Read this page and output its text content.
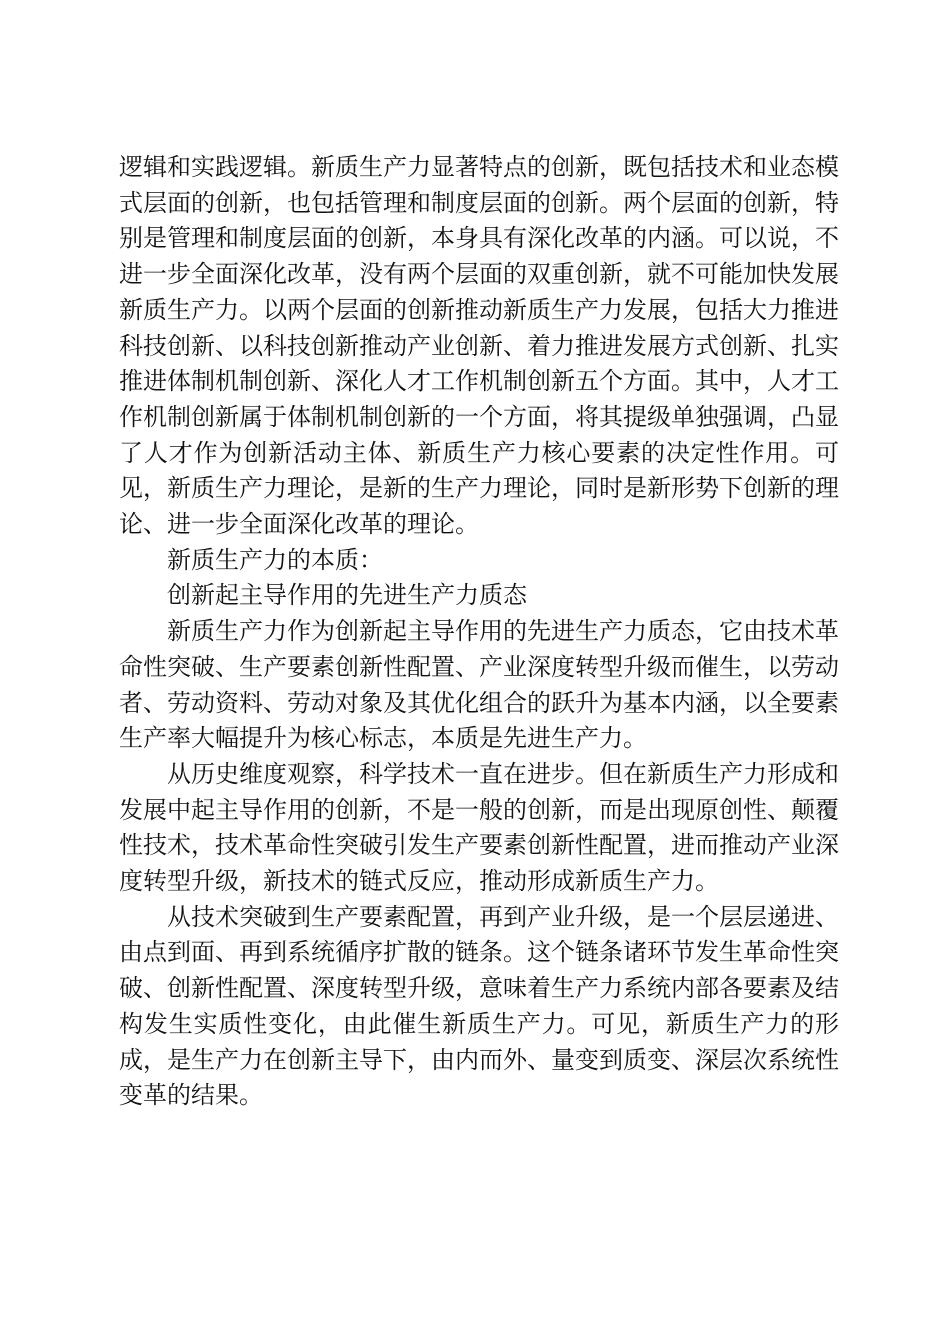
逻辑和实践逻辑。新质生产力显著特点的创新，既包括技术和业态模式层面的创新，也包括管理和制度层面的创新。两个层面的创新，特别是管理和制度层面的创新，本身具有深化改革的内涵。可以说，不进一步全面深化改革，没有两个层面的双重创新，就不可能加快发展新质生产力。以两个层面的创新推动新质生产力发展，包括大力推进科技创新、以科技创新推动产业创新、着力推进发展方式创新、扎实推进体制机制创新、深化人才工作机制创新五个方面。其中，人才工作机制创新属于体制机制创新的一个方面，将其提级单独强调，凸显了人才作为创新活动主体、新质生产力核心要素的决定性作用。可见，新质生产力理论，是新的生产力理论，同时是新形势下创新的理论、进一步全面深化改革的理论。

新质生产力的本质：

创新起主导作用的先进生产力质态

新质生产力作为创新起主导作用的先进生产力质态，它由技术革命性突破、生产要素创新性配置、产业深度转型升级而催生，以劳动者、劳动资料、劳动对象及其优化组合的跃升为基本内涵，以全要素生产率大幅提升为核心标志，本质是先进生产力。

从历史维度观察，科学技术一直在进步。但在新质生产力形成和发展中起主导作用的创新，不是一般的创新，而是出现原创性、颠覆性技术，技术革命性突破引发生产要素创新性配置，进而推动产业深度转型升级，新技术的链式反应，推动形成新质生产力。

从技术突破到生产要素配置，再到产业升级，是一个层层递进、由点到面、再到系统循序扩散的链条。这个链条诸环节发生革命性突破、创新性配置、深度转型升级，意味着生产力系统内部各要素及结构发生实质性变化，由此催生新质生产力。可见，新质生产力的形成，是生产力在创新主导下，由内而外、量变到质变、深层次系统性变革的结果。
